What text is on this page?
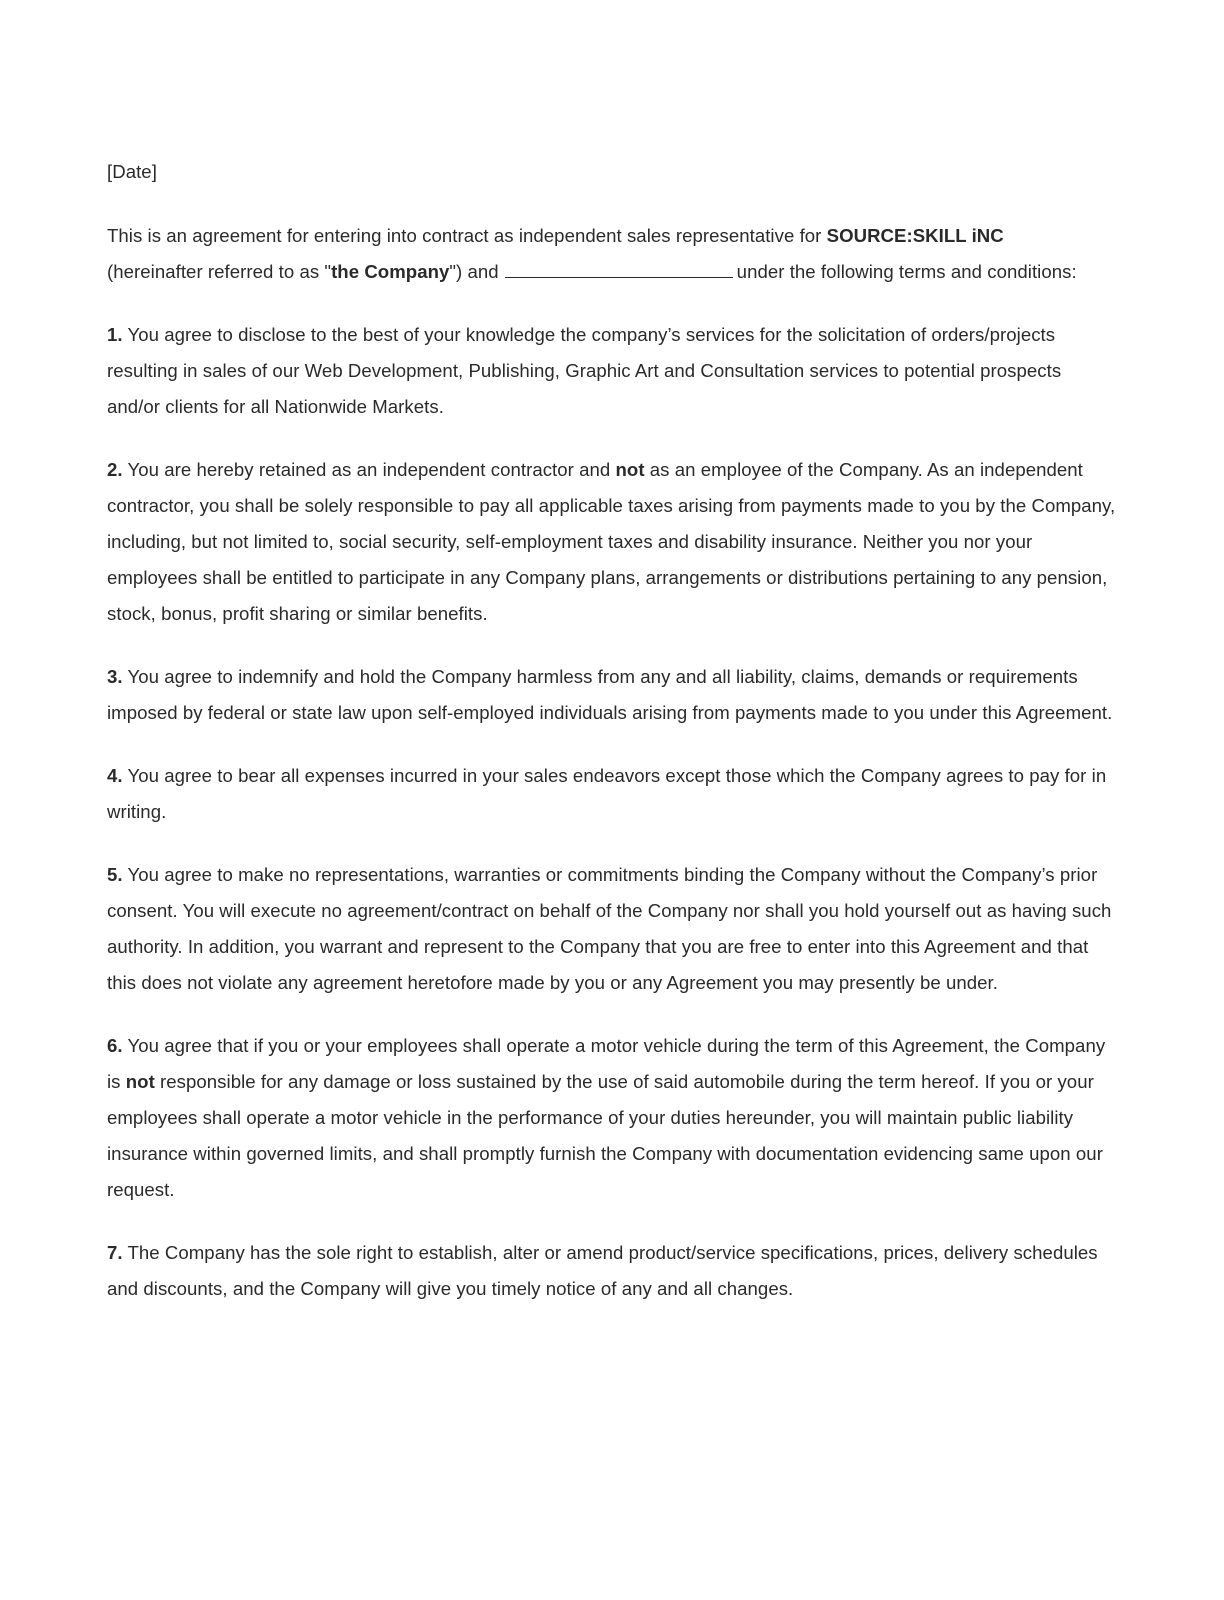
[Date]

This is an agreement for entering into contract as independent sales representative for SOURCE:SKILL iNC
(hereinafter referred to as "the Company") and	under the following terms and conditions:

1. You agree to disclose to the best of your knowledge the company’s services for the solicitation of orders/projects resulting in sales of our Web Development, Publishing, Graphic Art and Consultation services to potential prospects and/or clients for all Nationwide Markets.

2. You are hereby retained as an independent contractor and not as an employee of the Company. As an independent contractor, you shall be solely responsible to pay all applicable taxes arising from payments made to you by the Company, including, but not limited to, social security, self-employment taxes and disability insurance. Neither you nor your employees shall be entitled to participate in any Company plans, arrangements or distributions pertaining to any pension, stock, bonus, profit sharing or similar benefits.

3. You agree to indemnify and hold the Company harmless from any and all liability, claims, demands or requirements imposed by federal or state law upon self-employed individuals arising from payments made to you under this Agreement.

4. You agree to bear all expenses incurred in your sales endeavors except those which the Company agrees to pay for in writing.

5. You agree to make no representations, warranties or commitments binding the Company without the Company’s prior consent. You will execute no agreement/contract on behalf of the Company nor shall you hold yourself out as having such authority. In addition, you warrant and represent to the Company that you are free to enter into this Agreement and that this does not violate any agreement heretofore made by you or any Agreement you may presently be under.

6. You agree that if you or your employees shall operate a motor vehicle during the term of this Agreement, the Company is not responsible for any damage or loss sustained by the use of said automobile during the term hereof. If you or your employees shall operate a motor vehicle in the performance of your duties hereunder, you will maintain public liability insurance within governed limits, and shall promptly furnish the Company with documentation evidencing same upon our request.

7. The Company has the sole right to establish, alter or amend product/service specifications, prices, delivery schedules and discounts, and the Company will give you timely notice of any and all changes.
